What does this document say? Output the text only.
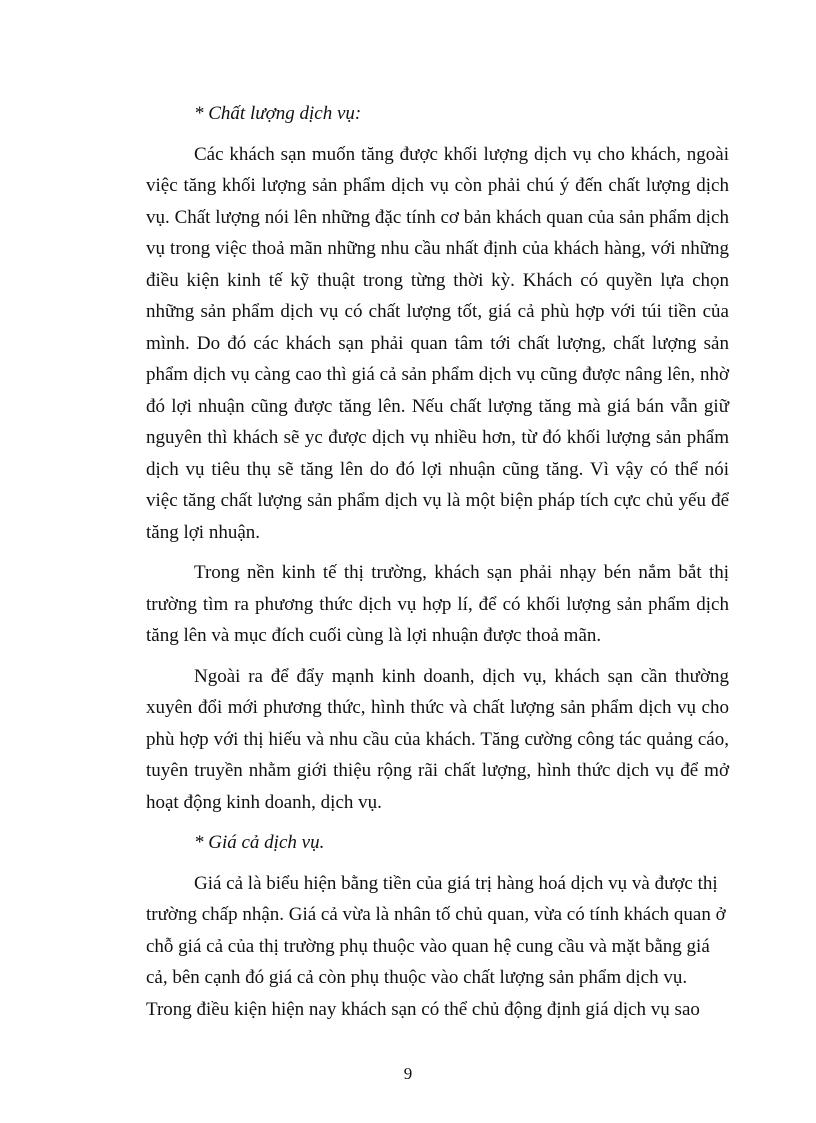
* Chất lượng dịch vụ:

Các khách sạn muốn tăng được khối lượng dịch vụ cho khách, ngoài việc tăng khối lượng sản phẩm dịch vụ còn phải chú ý đến chất lượng dịch vụ. Chất lượng nói lên những đặc tính cơ bản khách quan của sản phẩm dịch vụ trong việc thoả mãn những nhu cầu nhất định của khách hàng, với những điều kiện kinh tế kỹ thuật trong từng thời kỳ. Khách có quyền lựa chọn những sản phẩm dịch vụ có chất lượng tốt, giá cả phù hợp với túi tiền của mình. Do đó các khách sạn phải quan tâm tới chất lượng, chất lượng sản phẩm dịch vụ càng cao thì giá cả sản phẩm dịch vụ cũng được nâng lên, nhờ đó lợi nhuận cũng được tăng lên. Nếu chất lượng tăng mà giá bán vẫn giữ nguyên thì khách sẽ yc được dịch vụ nhiều hơn, từ đó khối lượng sản phẩm dịch vụ tiêu thụ sẽ tăng lên do đó lợi nhuận cũng tăng. Vì vậy có thể nói việc tăng chất lượng sản phẩm dịch vụ là một biện pháp tích cực chủ yếu để tăng lợi nhuận.

Trong nền kinh tế thị trường, khách sạn phải nhạy bén nắm bắt thị trường tìm ra phương thức dịch vụ hợp lí, để có khối lượng sản phẩm dịch tăng lên và mục đích cuối cùng là lợi nhuận được thoả mãn.

Ngoài ra để đẩy mạnh kinh doanh, dịch vụ, khách sạn cần thường xuyên đổi mới phương thức, hình thức và chất lượng sản phẩm dịch vụ cho phù hợp với thị hiếu và nhu cầu của khách. Tăng cường công tác quảng cáo, tuyên truyền nhằm giới thiệu rộng rãi chất lượng, hình thức dịch vụ để mở hoạt động kinh doanh, dịch vụ.

* Giá cả dịch vụ.

Giá cả là biểu hiện bằng tiền của giá trị hàng hoá dịch vụ và được thị trường chấp nhận. Giá cả vừa là nhân tố chủ quan, vừa có tính khách quan ở chỗ giá cả của thị trường phụ thuộc vào quan hệ cung cầu và mặt bằng giá cả, bên cạnh đó giá cả còn phụ thuộc vào chất lượng sản phẩm dịch vụ. Trong điều kiện hiện nay khách sạn có thể chủ động định giá dịch vụ sao

9
